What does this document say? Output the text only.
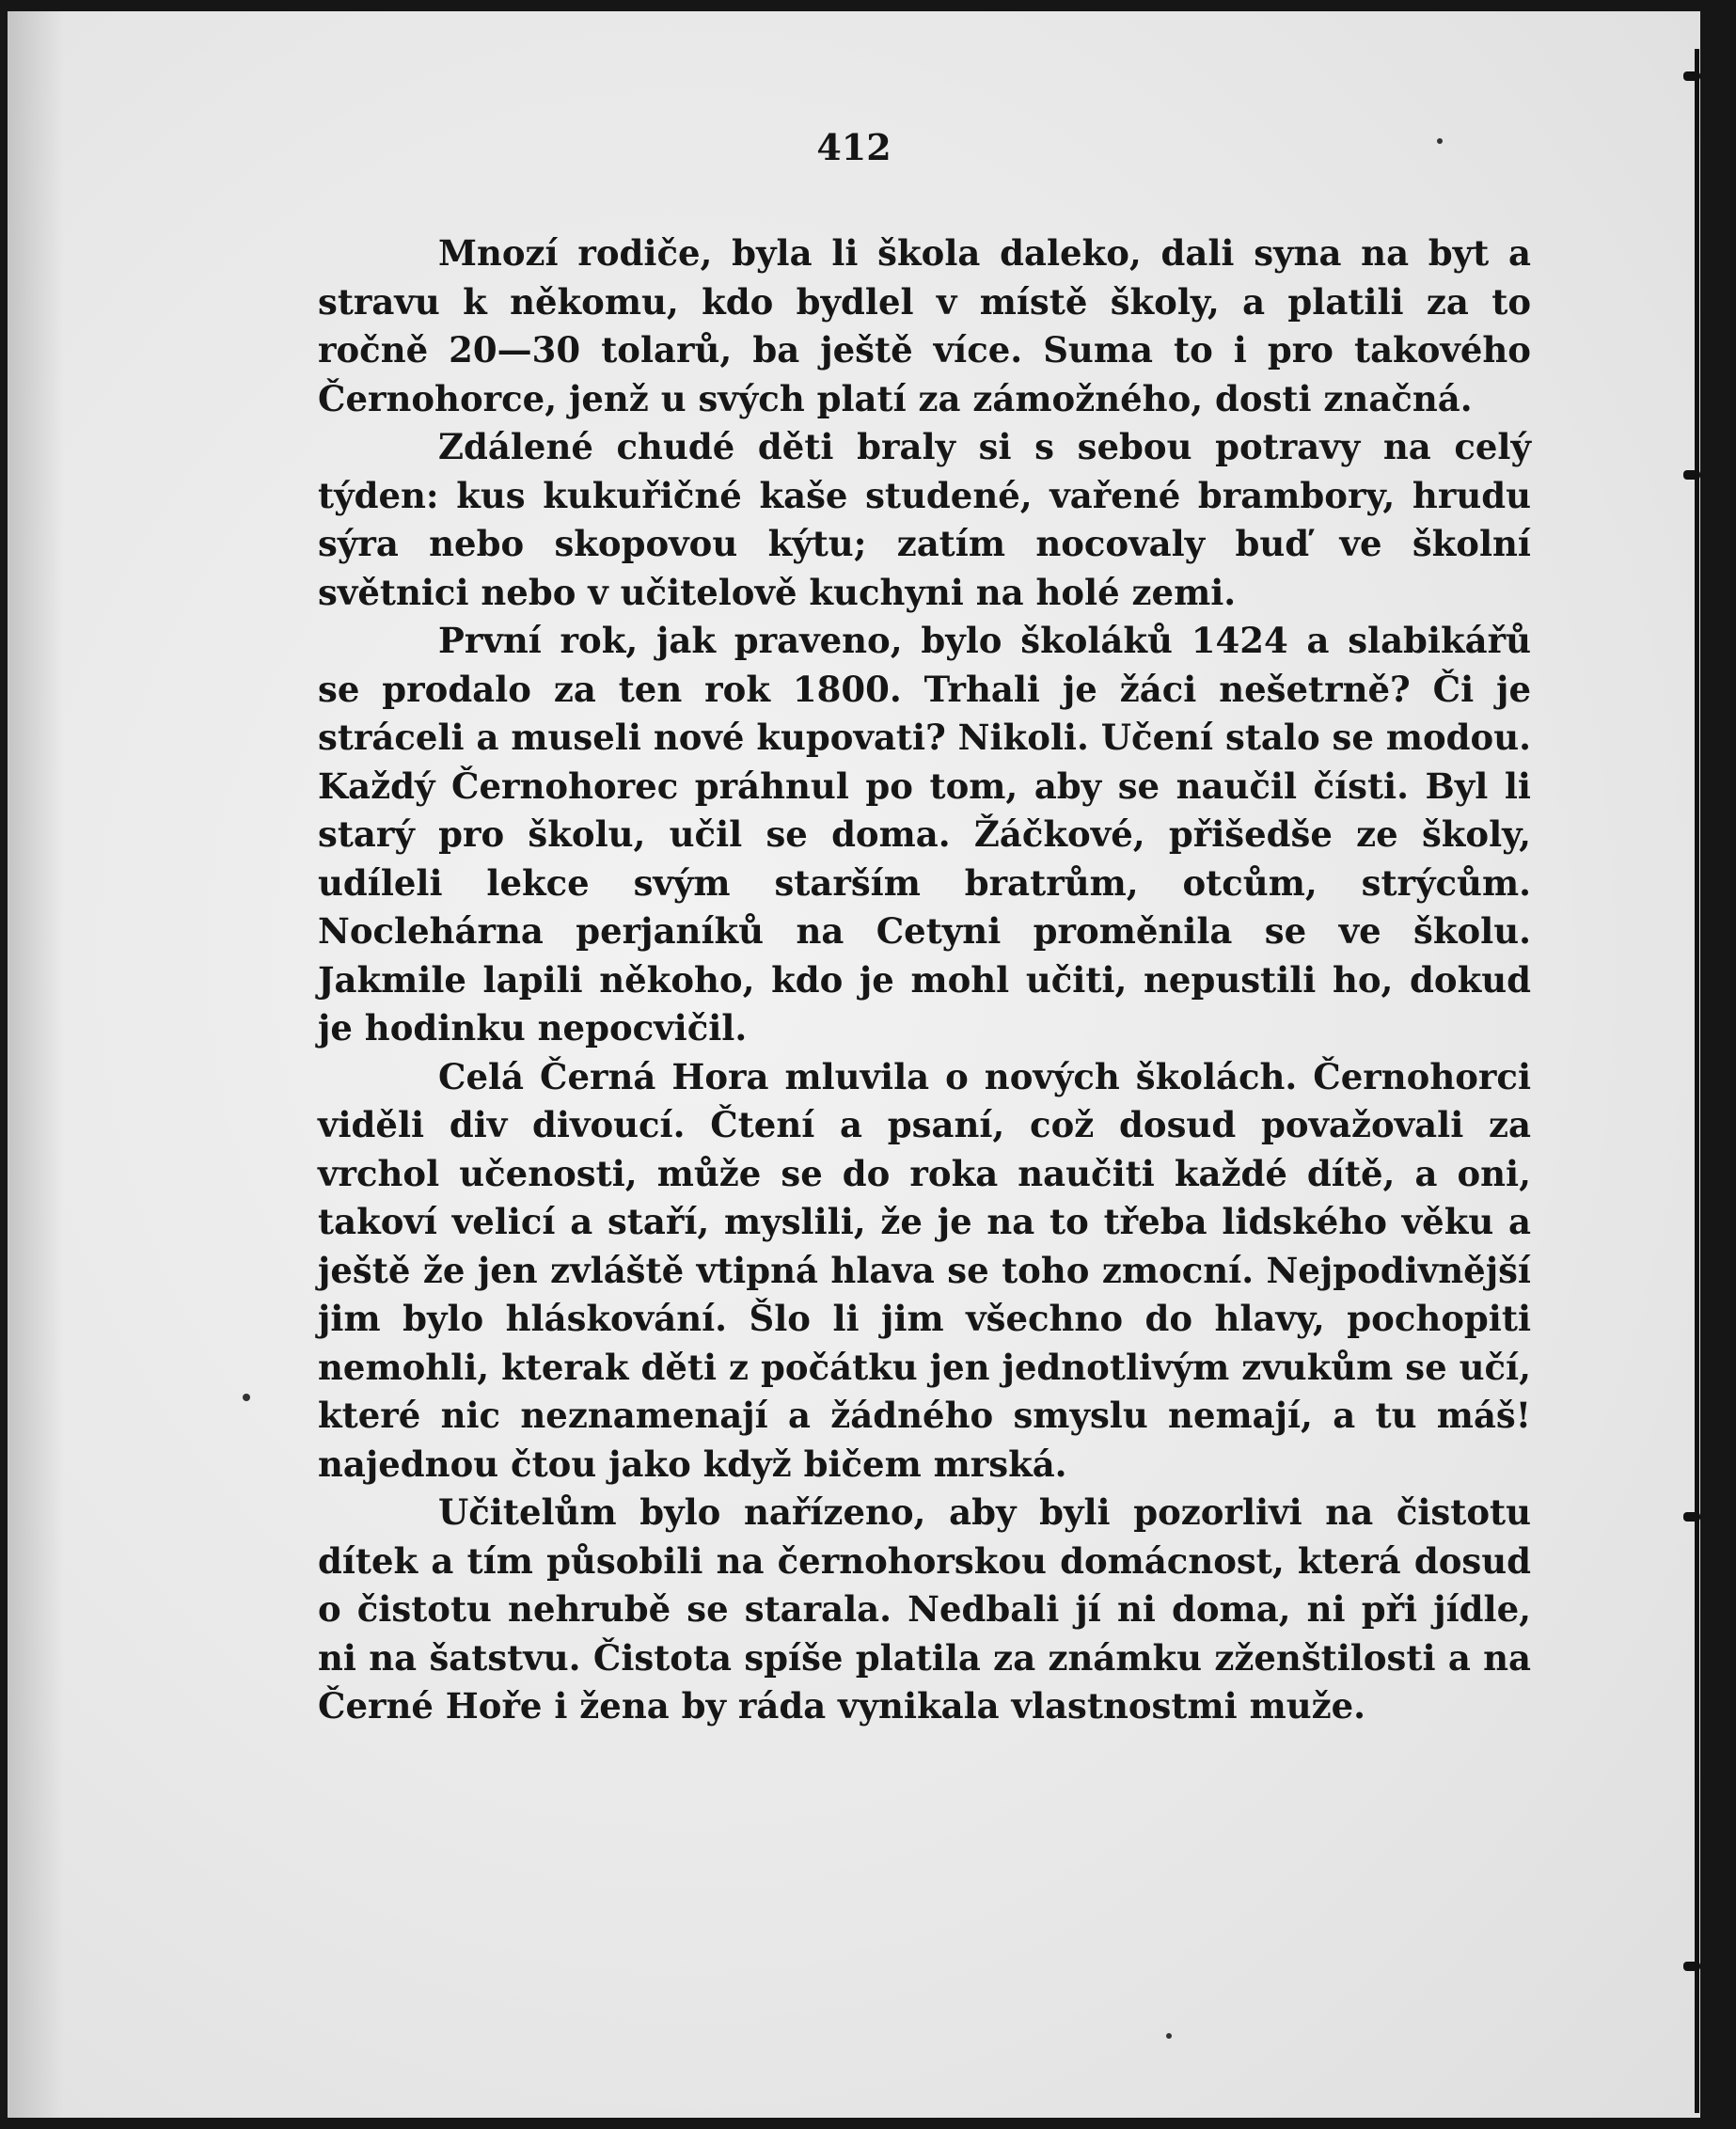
412

Mnozí rodiče, byla li škola daleko, dali syna na byt a stravu k někomu, kdo bydlel v místě školy, a platili za to ročně 20—30 tolarů, ba ještě více. Suma to i pro takového Černohorce, jenž u svých platí za zámožného, dosti značná.

Zdálené chudé děti braly si s sebou potravy na celý týden: kus kukuřičné kaše studené, vařené brambory, hrudu sýra nebo skopovou kýtu; zatím nocovaly buď ve školní světnici nebo v učitelově kuchyni na holé zemi.

První rok, jak praveno, bylo školáků 1424 a slabikářů se prodalo za ten rok 1800. Trhali je žáci nešetrně? Či je stráceli a museli nové kupovati? Nikoli. Učení stalo se modou. Každý Černohorec práhnul po tom, aby se naučil čísti. Byl li starý pro školu, učil se doma. Žáčkové, přišedše ze školy, udíleli lekce svým starším bratrům, otcům, strýcům. Noclehárna perjaníků na Cetyni proměnila se ve školu. Jakmile lapili někoho, kdo je mohl učiti, nepustili ho, dokud je hodinku nepocvičil.

Celá Černá Hora mluvila o nových školách. Černohorci viděli div divoucí. Čtení a psaní, což dosud považovali za vrchol učenosti, může se do roka naučiti každé dítě, a oni, takoví velicí a staří, myslili, že je na to třeba lidského věku a ještě že jen zvláště vtipná hlava se toho zmocní. Nejpodivnější jim bylo hláskování. Šlo li jim všechno do hlavy, pochopiti nemohli, kterak děti z počátku jen jednotlivým zvukům se učí, které nic neznamenají a žádného smyslu nemají, a tu máš! najednou čtou jako když bičem mrská.

Učitelům bylo nařízeno, aby byli pozorlivi na čistotu dítek a tím působili na černohorskou domácnost, která dosud o čistotu nehrubě se starala. Nedbali jí ni doma, ni při jídle, ni na šatstvu. Čistota spíše platila za známku zženštilosti a na Černé Hoře i žena by ráda vynikala vlastnostmi muže.
